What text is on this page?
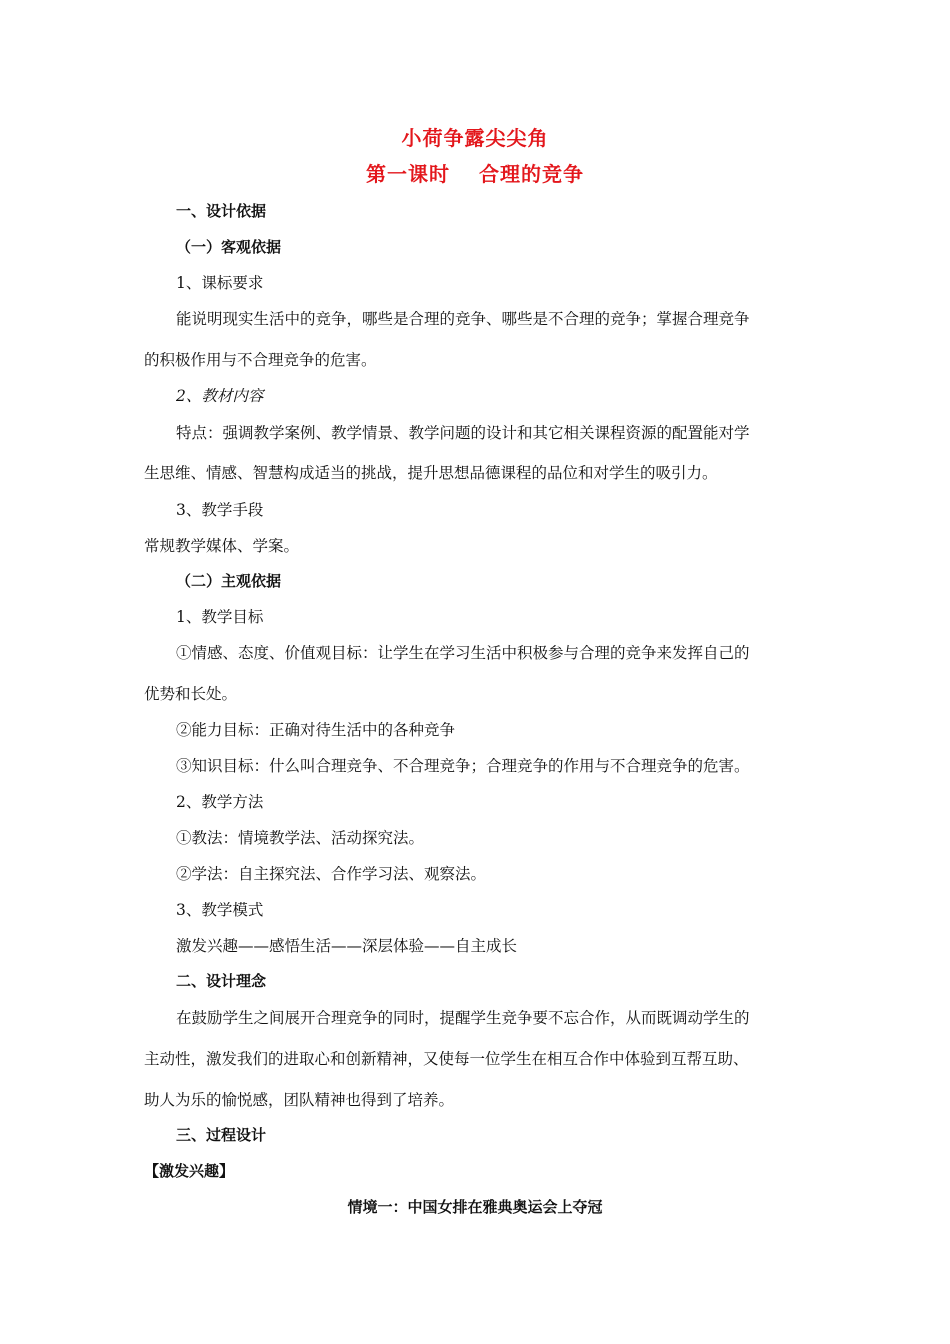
小荷争露尖尖角
第一课时　 合理的竞争
一、设计依据
（一）客观依据
1、课标要求
能说明现实生活中的竞争，哪些是合理的竞争、哪些是不合理的竞争；掌握合理竞争
的积极作用与不合理竞争的危害。
2、教材内容
特点：强调教学案例、教学情景、教学问题的设计和其它相关课程资源的配置能对学
生思维、情感、智慧构成适当的挑战，提升思想品德课程的品位和对学生的吸引力。
3、教学手段
常规教学媒体、学案。
（二）主观依据
1、教学目标
①情感、态度、价值观目标：让学生在学习生活中积极参与合理的竞争来发挥自己的
优势和长处。
②能力目标：正确对待生活中的各种竞争
③知识目标：什么叫合理竞争、不合理竞争；合理竞争的作用与不合理竞争的危害。
2、教学方法
①教法：情境教学法、活动探究法。
②学法：自主探究法、合作学习法、观察法。
3、教学模式
激发兴趣——感悟生活——深层体验——自主成长
二、设计理念
在鼓励学生之间展开合理竞争的同时，提醒学生竞争要不忘合作，从而既调动学生的
主动性，激发我们的进取心和创新精神，又使每一位学生在相互合作中体验到互帮互助、
助人为乐的愉悦感，团队精神也得到了培养。
三、过程设计
【激发兴趣】
情境一：中国女排在雅典奥运会上夺冠
